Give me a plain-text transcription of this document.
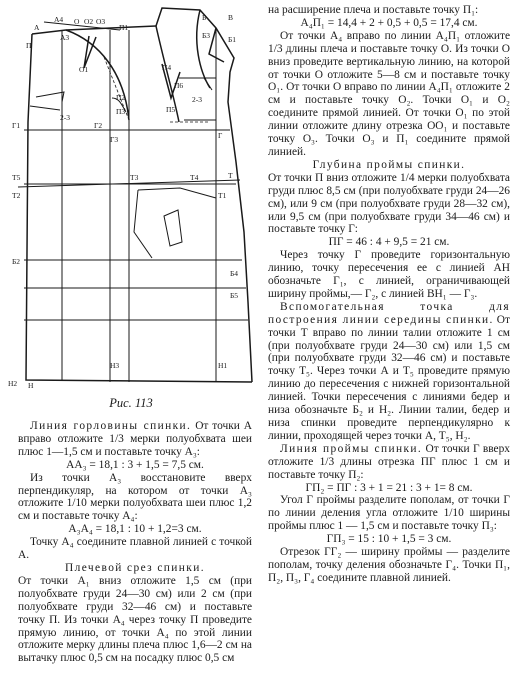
A4
A3
A
O2 O3
O
O1
П1
Б3 Б1
Б	В
П2
П
П3
П4
П5
П6
Г1
Г3
Г2
Г
T3
T5	T4	T
T2	T1
Б2
Б4
Б5
Н3	Н1
Н
Н2
2-3
2-3
Рис. 113

Линия горловины спинки. От точки А вправо отложите 1/3 мерки полуобхвата шеи плюс 1—1,5 см и поставьте точку А₃:

АА₃ = 18,1 : 3 + 1,5 = 7,5 см.

Из точки А₃ восстановите вверх перпендикуляр, на котором от точки А₃ отложите 1/10 мерки полуобхвата шеи плюс 1,2 см и поставьте точку А₄:

А₃А₄ = 18,1 : 10 + 1,2=3 см.

Точку А₄ соедините плавной линией с точкой А.

Плечевой срез спинки.
От точки А₁ вниз отложите 1,5 см (при полуобхвате груди 24—30 см) или 2 см (при полуобхвате груди 32—46 см) и поставьте точку П. Из точки А₄ через точку П проведите прямую линию, от точки А₄ по этой линии отложите мерку длины плеча плюс 1,6—2 см на вытачку плюс 0,5 см на посадку плюс 0,5 см

на расширение плеча и поставьте точку П₁:

А₄П₁ = 14,4 + 2 + 0,5 + 0,5 = 17,4 см.

От точки А₄ вправо по линии А₄П₁ отложите 1/3 длины плеча и поставьте точку О. Из точки О вниз проведите вертикальную линию, на которой от точки О отложите 5—8 см и поставьте точку О₁. От точки О вправо по линии А₄П₁ отложите 2 см и поставьте точку О₂. Точки О₁ и О₂ соедините прямой линией. От точки О₁ по этой линии отложите длину отрезка ОО₁ и поставьте точку О₃. Точки О₃ и П₁ соедините прямой линией.

Глубина проймы спинки.
От точки П вниз отложите 1/4 мерки полуобхвата груди плюс 8,5 см (при полуобхвате груди 24—26 см), или 9 см (при полуобхвате груди 28—32 см), или 9,5 см (при полуобхвате груди 34—46 см) и поставьте точку Г:

ПГ = 46 : 4 + 9,5 = 21 см.

Через точку Г проведите горизонтальную линию, точку пересечения ее с линией АН обозначьте Г₁, с линией, ограничивающей ширину проймы,— Г₂, с линией ВН₁ — Г₃.

Вспомогательная точка для построения линии середины спинки. От точки Т вправо по линии талии отложите 1 см (при полуобхвате груди 24—30 см) или 1,5 см (при полуобхвате груди 32—46 см) и поставьте точку Т₅. Через точки А и Т₅ проведите прямую линию до пересечения с нижней горизонтальной линией. Точки пересечения с линиями бедер и низа обозначьте Б₂ и Н₂. Линии талии, бедер и низа спинки проведите перпендикулярно к линии, проходящей через точки А, Т₅, Н₂.

Линия проймы спинки. От точки Г вверх отложите 1/3 длины отрезка ПГ плюс 1 см и поставьте точку П₂:

ГП₂ = ПГ : 3 + 1 = 21 : 3 + 1= 8 см.

Угол Г проймы разделите пополам, от точки Г по линии деления угла отложите 1/10 ширины проймы плюс 1 — 1,5 см и поставьте точку П₃:

ГП₃ = 15 : 10 + 1,5 = 3 см.

Отрезок ГГ₂ — ширину проймы — разделите пополам, точку деления обозначьте Г₄. Точки П₁, П₂, П₃, Г₄ соедините плавной линией.
